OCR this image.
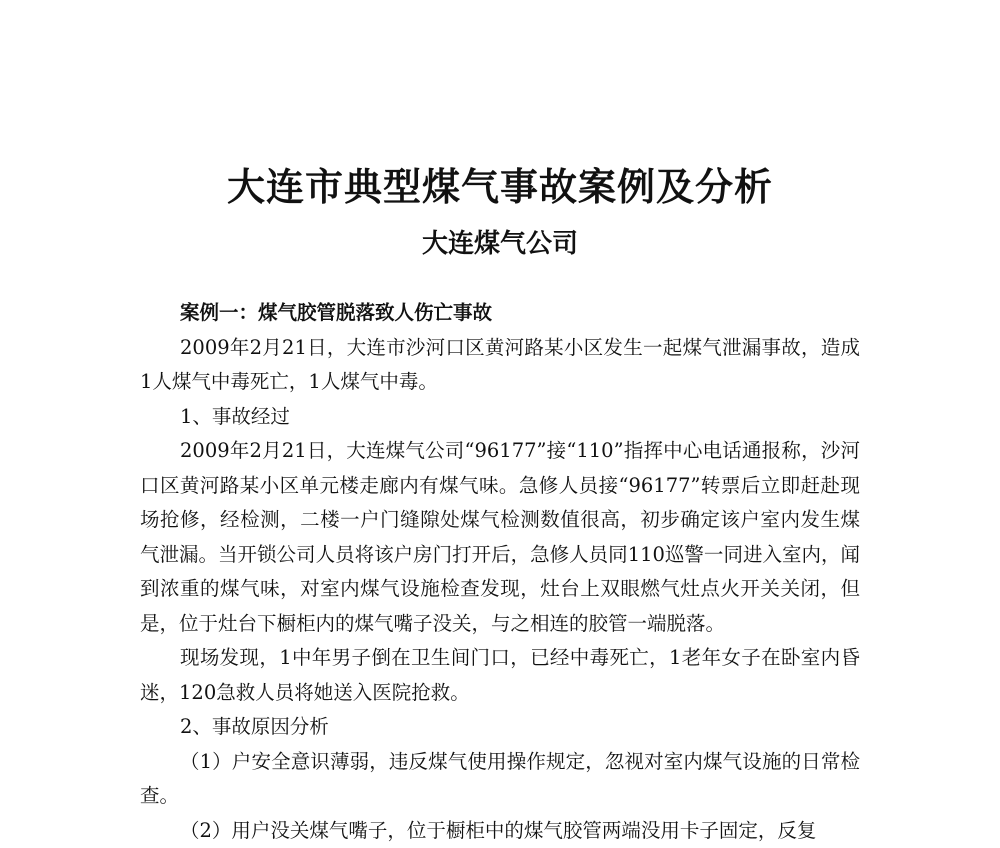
大连市典型煤气事故案例及分析
大连煤气公司

案例一：煤气胶管脱落致人伤亡事故

2009年2月21日，大连市沙河口区黄河路某小区发生一起煤气泄漏事故，造成1人煤气中毒死亡，1人煤气中毒。

1、事故经过

2009年2月21日，大连煤气公司“96177”接“110”指挥中心电话通报称，沙河口区黄河路某小区单元楼走廊内有煤气味。急修人员接“96177”转票后立即赶赴现场抢修，经检测，二楼一户门缝隙处煤气检测数值很高，初步确定该户室内发生煤气泄漏。当开锁公司人员将该户房门打开后，急修人员同110巡警一同进入室内，闻到浓重的煤气味，对室内煤气设施检查发现，灶台上双眼燃气灶点火开关关闭，但是，位于灶台下橱柜内的煤气嘴子没关，与之相连的胶管一端脱落。

现场发现，1中年男子倒在卫生间门口，已经中毒死亡，1老年女子在卧室内昏迷，120急救人员将她送入医院抢救。

2、事故原因分析

（1）户安全意识薄弱，违反煤气使用操作规定，忽视对室内煤气设施的日常检查。

（2）用户没关煤气嘴子，位于橱柜中的煤气胶管两端没用卡子固定，反复
